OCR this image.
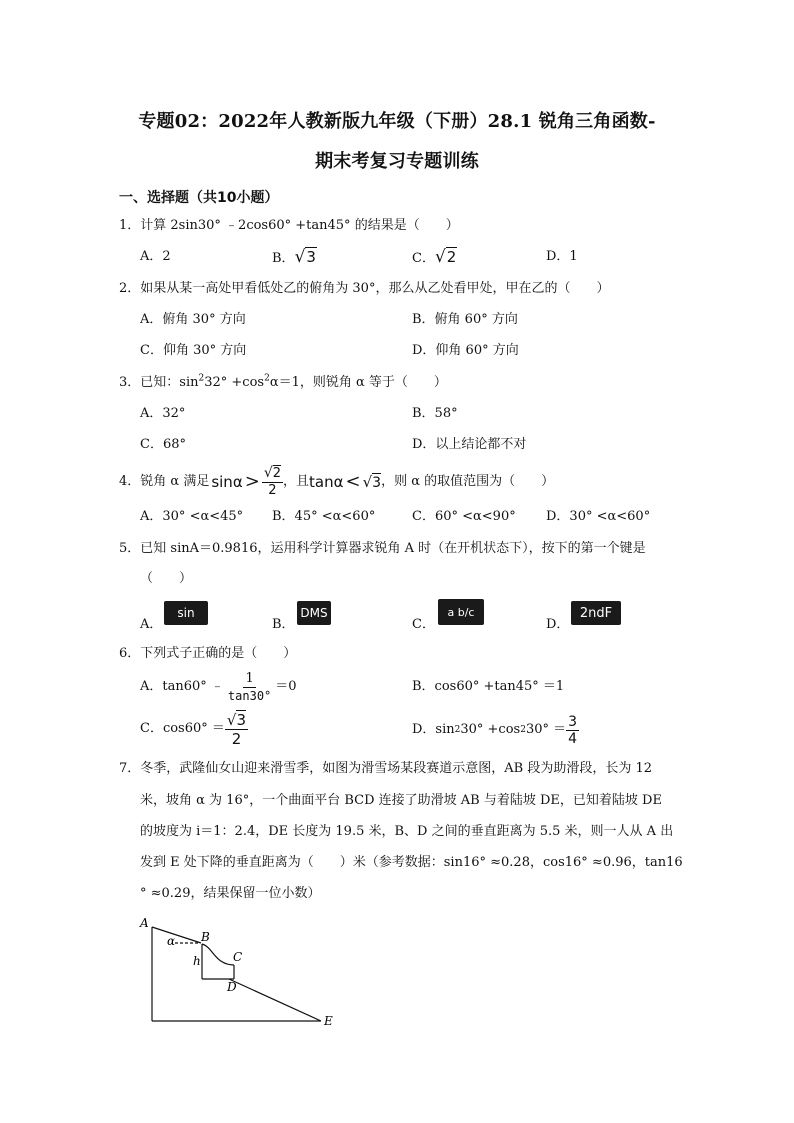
专题02：2022年人教新版九年级（下册）28.1 锐角三角函数-
期末考复习专题训练
一、选择题（共10小题）
1．计算 2sin30° ﹣2cos60° +tan45° 的结果是（　　）
A．2	B．√3	C．√2	D．1
2．如果从某一高处甲看低处乙的俯角为 30°，那么从乙处看甲处，甲在乙的（　　）
A．俯角 30° 方向	B．俯角 60° 方向
C．仰角 30° 方向	D．仰角 60° 方向
3．已知：$\sin^232^\circ +\cos^2\alpha=1$，则锐角 α 等于（　　）
A．32°	B．58°
C．68°	D．以上结论都不对
4．锐角 α 满足 $\sin\alpha > \frac{√2}{2}$ ，且 tanα < √ 3 ，则 α 的取值范围为（　　）
A．30° <α<45° B．45° <α<60°	C．60° <α<90° D．30° <α<60°
5．已知 sinA＝0.9816，运用科学计算器求锐角 A 时（在开机状态下），按下的第一个键是
（　　）
A．
sin
B．
DMS
C．
a b/c
D．
2ndF
6．下列式子正确的是（　　）
A．tan60° ﹣ $\frac{1}{\tan 30^\circ} =0$	B．cos60° +tan45° ＝1
C．$\cos 60^\circ = \frac{√3}{2}$	D．sin 2 30° +cos 2 $30^\circ = \frac{3}{4}$
7．冬季，武隆仙女山迎来滑雪季，如图为滑雪场某段赛道示意图，AB 段为助滑段，长为 12
米，坡角 α 为 16°，一个曲面平台 BCD 连接了助滑坡 AB 与着陆坡 DE，已知着陆坡 DE
的坡度为 i＝1：2.4，DE 长度为 19.5 米，B、D 之间的垂直距离为 5.5 米，则一人从 A 出
发到 E 处下降的垂直距离为（　　）米（参考数据：sin16° ≈0.28，cos16° ≈0.96，tan16
° ≈0.29，结果保留一位小数）
A
B
C
D
E
α
h
